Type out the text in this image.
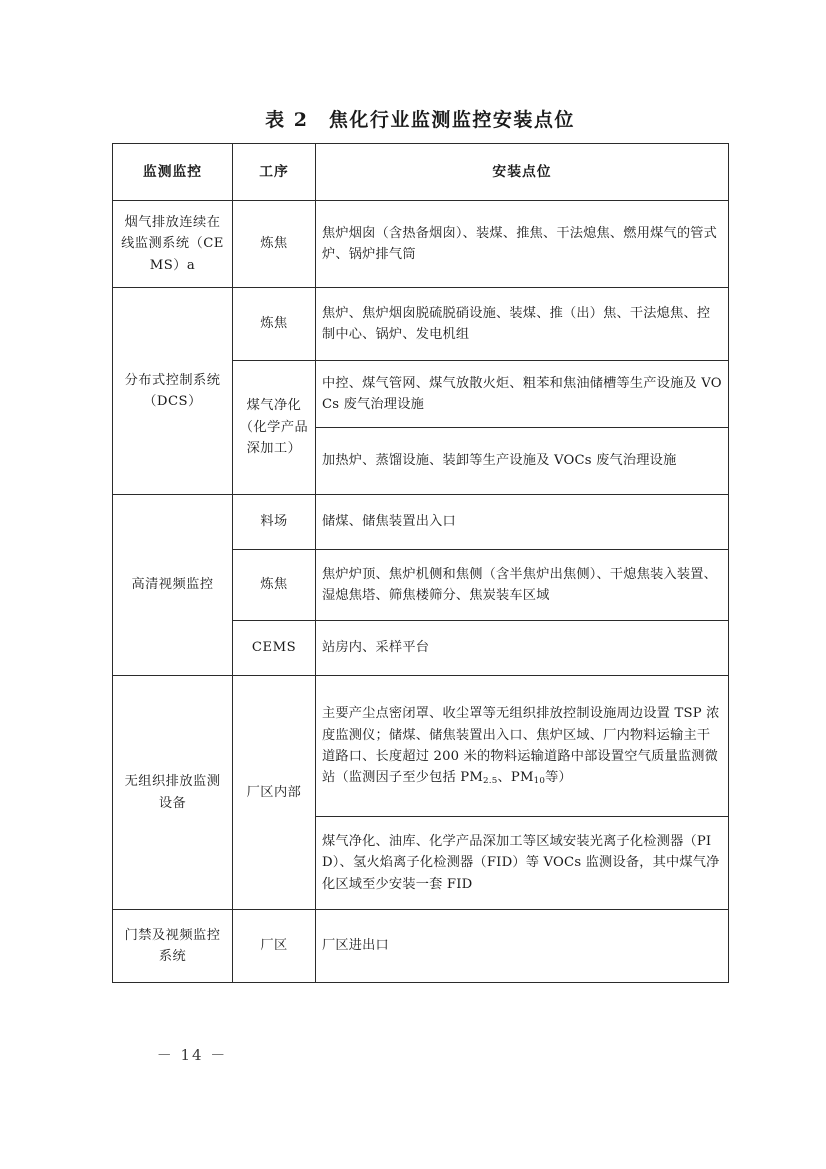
表 2　焦化行业监测监控安装点位
监测监控	工序	安装点位
烟气排放连续在线监测系统（CEMS）a	炼焦	焦炉烟囱（含热备烟囱）、装煤、推焦、干法熄焦、燃用煤气的管式炉、锅炉排气筒
分布式控制系统（DCS）	炼焦	焦炉、焦炉烟囱脱硫脱硝设施、装煤、推（出）焦、干法熄焦、控制中心、锅炉、发电机组
	煤气净化（化学产品深加工）	中控、煤气管网、煤气放散火炬、粗苯和焦油储槽等生产设施及 VOCs 废气治理设施
		加热炉、蒸馏设施、装卸等生产设施及 VOCs 废气治理设施
高清视频监控	料场	储煤、储焦装置出入口
	炼焦	焦炉炉顶、焦炉机侧和焦侧（含半焦炉出焦侧）、干熄焦装入装置、湿熄焦塔、筛焦楼筛分、焦炭装车区域
	CEMS	站房内、采样平台
无组织排放监测设备	厂区内部	主要产尘点密闭罩、收尘罩等无组织排放控制设施周边设置 TSP 浓度监测仪；储煤、储焦装置出入口、焦炉区域、厂内物料运输主干道路口、长度超过 200 米的物料运输道路中部设置空气质量监测微站（监测因子至少包括 $PM_{2.5}$、$PM_{10}$等）
		煤气净化、油库、化学产品深加工等区域安装光离子化检测器（PID）、氢火焰离子化检测器（FID）等 VOCs 监测设备，其中煤气净化区域至少安装一套 FID
门禁及视频监控系统	厂区	厂区进出口
－ 14 －
